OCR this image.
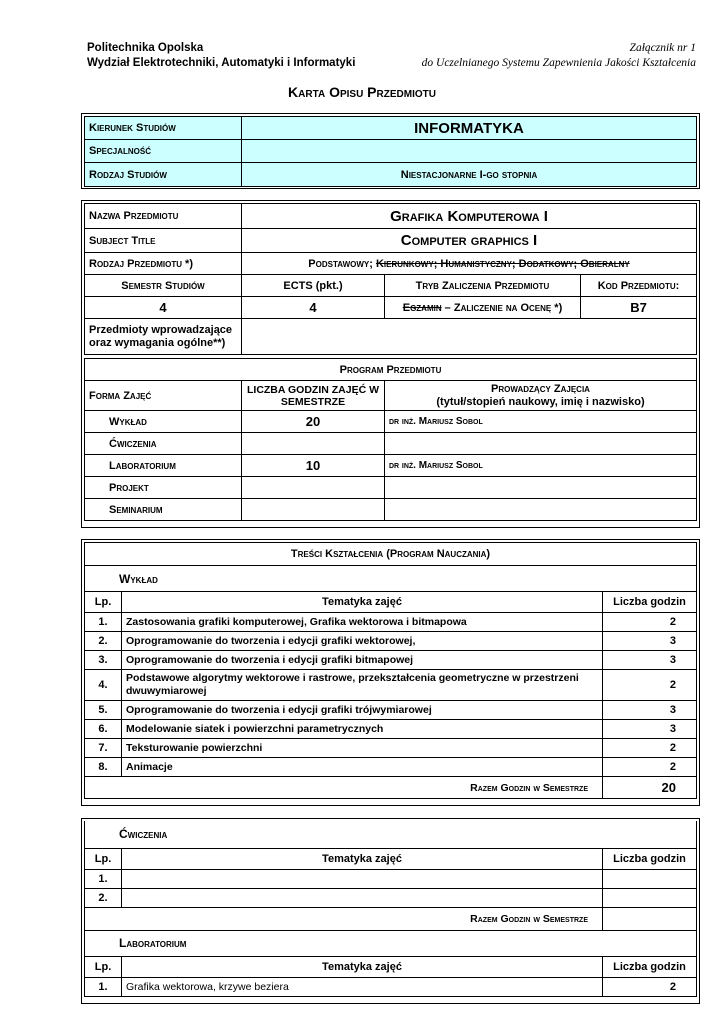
Politechnika Opolska
Wydział Elektrotechniki, Automatyki i Informatyki
Załącznik nr 1
do Uczelnianego Systemu Zapewnienia Jakości Kształcenia
Karta Opisu Przedmiotu
Kierunek Studiów	INFORMATYKA
Specjalność	
Rodzaj Studiów	Niestacjonarne I-go stopnia
Nazwa Przedmiotu	Grafika Komputerowa I		
Subject Title	Computer graphics I		
Rodzaj Przedmiotu *)	Podstawowy; Kierunkowy; Humanistyczny; Dodatkowy; Obieralny		
Semestr Studiów	ECTS (pkt.)	Tryb Zaliczenia Przedmiotu	Kod Przedmiotu:
4	4	Egzamin – Zaliczenie na Ocenę *)	B7
Przedmioty wprowadzające oraz wymagania ogólne**)			

Program Przedmiotu			
Forma Zajęć	LICZBA GODZIN ZAJĘĆ W SEMESTRZE	Prowadzący Zajęcia
(tytuł/stopień naukowy, imię i nazwisko)

Wykład	20	dr inż. Mariusz Sobol
Ćwiczenia		
Laboratorium	10	dr inż. Mariusz Sobol
Projekt		
Seminarium		
Treści Kształcenia (Program Nauczania)		
Wykład		
Lp.	Tematyka zajęć	Liczba godzin
1.	Zastosowania grafiki komputerowej, Grafika wektorowa i bitmapowa	2
2.	Oprogramowanie do tworzenia i edycji grafiki wektorowej,	3
3.	Oprogramowanie do tworzenia i edycji grafiki bitmapowej	3
4.	Podstawowe algorytmy wektorowe i rastrowe, przekształcenia geometryczne w przestrzeni dwuwymiarowej	2
5.	Oprogramowanie do tworzenia i edycji grafiki trójwymiarowej	3
6.	Modelowanie siatek i powierzchni parametrycznych	3
7.	Teksturowanie powierzchni	2
8.	Animacje	2
Razem Godzin w Semestrze		20
Ćwiczenia		
Lp.	Tematyka zajęć	Liczba godzin
1.		
2.		
Razem Godzin w Semestrze		
Laboratorium		
Lp.	Tematyka zajęć	Liczba godzin
1.	Grafika wektorowa, krzywe beziera	2
